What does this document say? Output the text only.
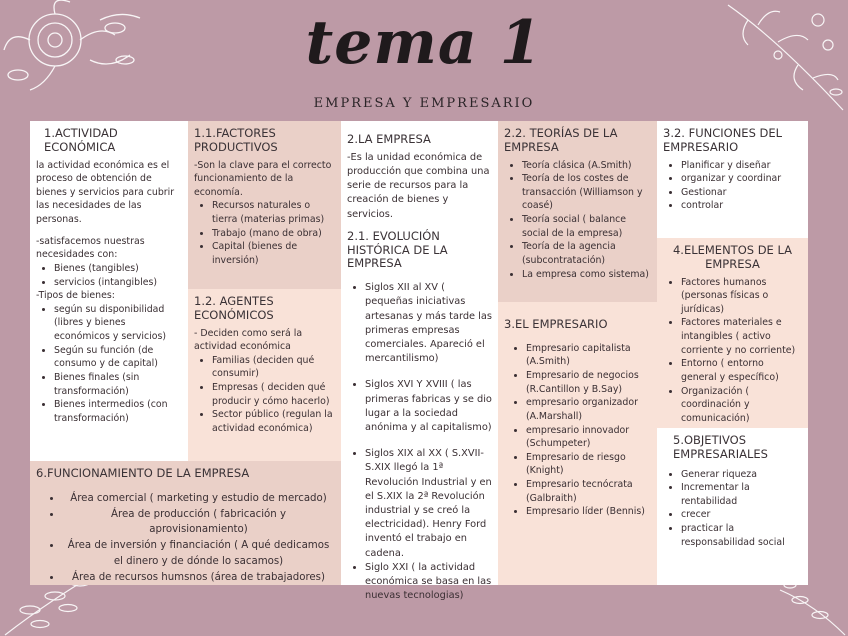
tema 1
EMPRESA Y EMPRESARIO
1.ACTIVIDAD ECONÓMICA

la actividad económica es el proceso de obtención de bienes y servicios para cubrir las necesidades de las personas.

-satisfacemos nuestras necesidades con:

• Bienes (tangibles)
• servicios (intangibles)

-Tipos de bienes:

• según su disponibilidad (libres y bienes económicos y servicios)
• Según su función (de consumo y de capital)
• Bienes finales (sin transformación)
• Bienes intermedios (con transformación)
1.1.FACTORES PRODUCTIVOS

-Son la clave para el correcto funcionamiento de la economía.

• Recursos naturales o tierra (materias primas)
• Trabajo (mano de obra)
• Capital (bienes de inversión)
1.2. AGENTES ECONÓMICOS

- Deciden como será la actividad económica

• Familias (deciden qué consumir)
• Empresas ( deciden qué producir y cómo hacerlo)
• Sector público (regulan la actividad económica)
2.LA EMPRESA

-Es la unidad económica de producción que combina una serie de recursos para la creación de bienes y servicios.

2.1. EVOLUCIÓN HISTÓRICA DE LA EMPRESA
• Siglos XII al XV ( pequeñas iniciativas artesanas y más tarde las primeras empresas comerciales. Apareció el mercantilismo)
• Siglos XVI Y XVIII ( las primeras fabricas y se dio lugar a la sociedad anónima y al capitalismo)
• Siglos XIX al XX ( S.XVII-S.XIX llegó la 1ª Revolución Industrial y en el S.XIX la 2ª Revolución industrial y se creó la electricidad). Henry Ford inventó el trabajo en cadena.
• Siglo XXI ( la actividad económica se basa en las nuevas tecnologias)
2.2. TEORÍAS DE LA EMPRESA
• Teoría clásica (A.Smith)
• Teoría de los costes de transacción (Williamson y coasé)
• Teoría social ( balance social de la empresa)
• Teoría de la agencia (subcontratación)
• La empresa como sistema)
3.EL EMPRESARIO
• Empresario capitalista (A.Smith)
• Empresario de negocios (R.Cantillon y B.Say)
• empresario organizador (A.Marshall)
• empresario innovador (Schumpeter)
• Empresario de riesgo (Knight)
• Empresario tecnócrata (Galbraith)
• Empresario líder (Bennis)
3.2. FUNCIONES DEL EMPRESARIO
• Planificar y diseñar
• organizar y coordinar
• Gestionar
• controlar
4.ELEMENTOS DE LA EMPRESA
• Factores humanos (personas físicas o jurídicas)
• Factores materiales e intangibles ( activo corriente y no corriente)
• Entorno ( entorno general y específico)
• Organización ( coordinación y comunicación)
5.OBJETIVOS EMPRESARIALES
• Generar riqueza
• Incrementar la rentabilidad
• crecer
• practicar la responsabilidad social
6.FUNCIONAMIENTO DE LA EMPRESA
• Área comercial ( marketing y estudio de mercado)
• Área de producción ( fabricación y aprovisionamiento)
• Área de inversión y financiación ( A qué dedicamos el dinero y de dónde lo sacamos)
• Área de recursos humsnos (área de trabajadores)
